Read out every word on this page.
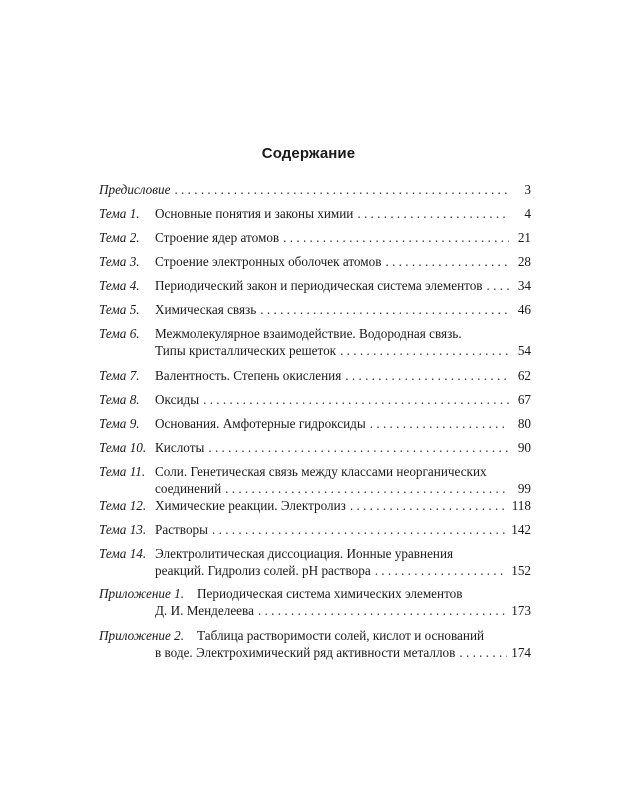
Содержание
Предисловие . . .	3
Тема 1. Основные понятия и законы химии . . .	4
Тема 2. Строение ядер атомов . . .	21
Тема 3. Строение электронных оболочек атомов . . .	28
Тема 4. Периодический закон и периодическая система элементов . . .	34
Тема 5. Химическая связь . . .	46
Тема 6. Межмолекулярное взаимодействие. Водородная связь.
Типы кристаллических решеток . . .	54
Тема 7. Валентность. Степень окисления . . .	62
Тема 8. Оксиды . . .	67
Тема 9. Основания. Амфотерные гидроксиды . . .	80
Тема 10. Кислоты . . .	90
Тема 11. Соли. Генетическая связь между классами неорганических
соединений . . .	99
Тема 12. Химические реакции. Электролиз . . .	118
Тема 13. Растворы . . .	142
Тема 14. Электролитическая диссоциация. Ионные уравнения
реакций. Гидролиз солей. pH раствора . . .	152
Приложение 1. Периодическая система химических элементов
Д. И. Менделеева . . .	173
Приложение 2. Таблица растворимости солей, кислот и оснований
в воде. Электрохимический ряд активности металлов . . .	174
